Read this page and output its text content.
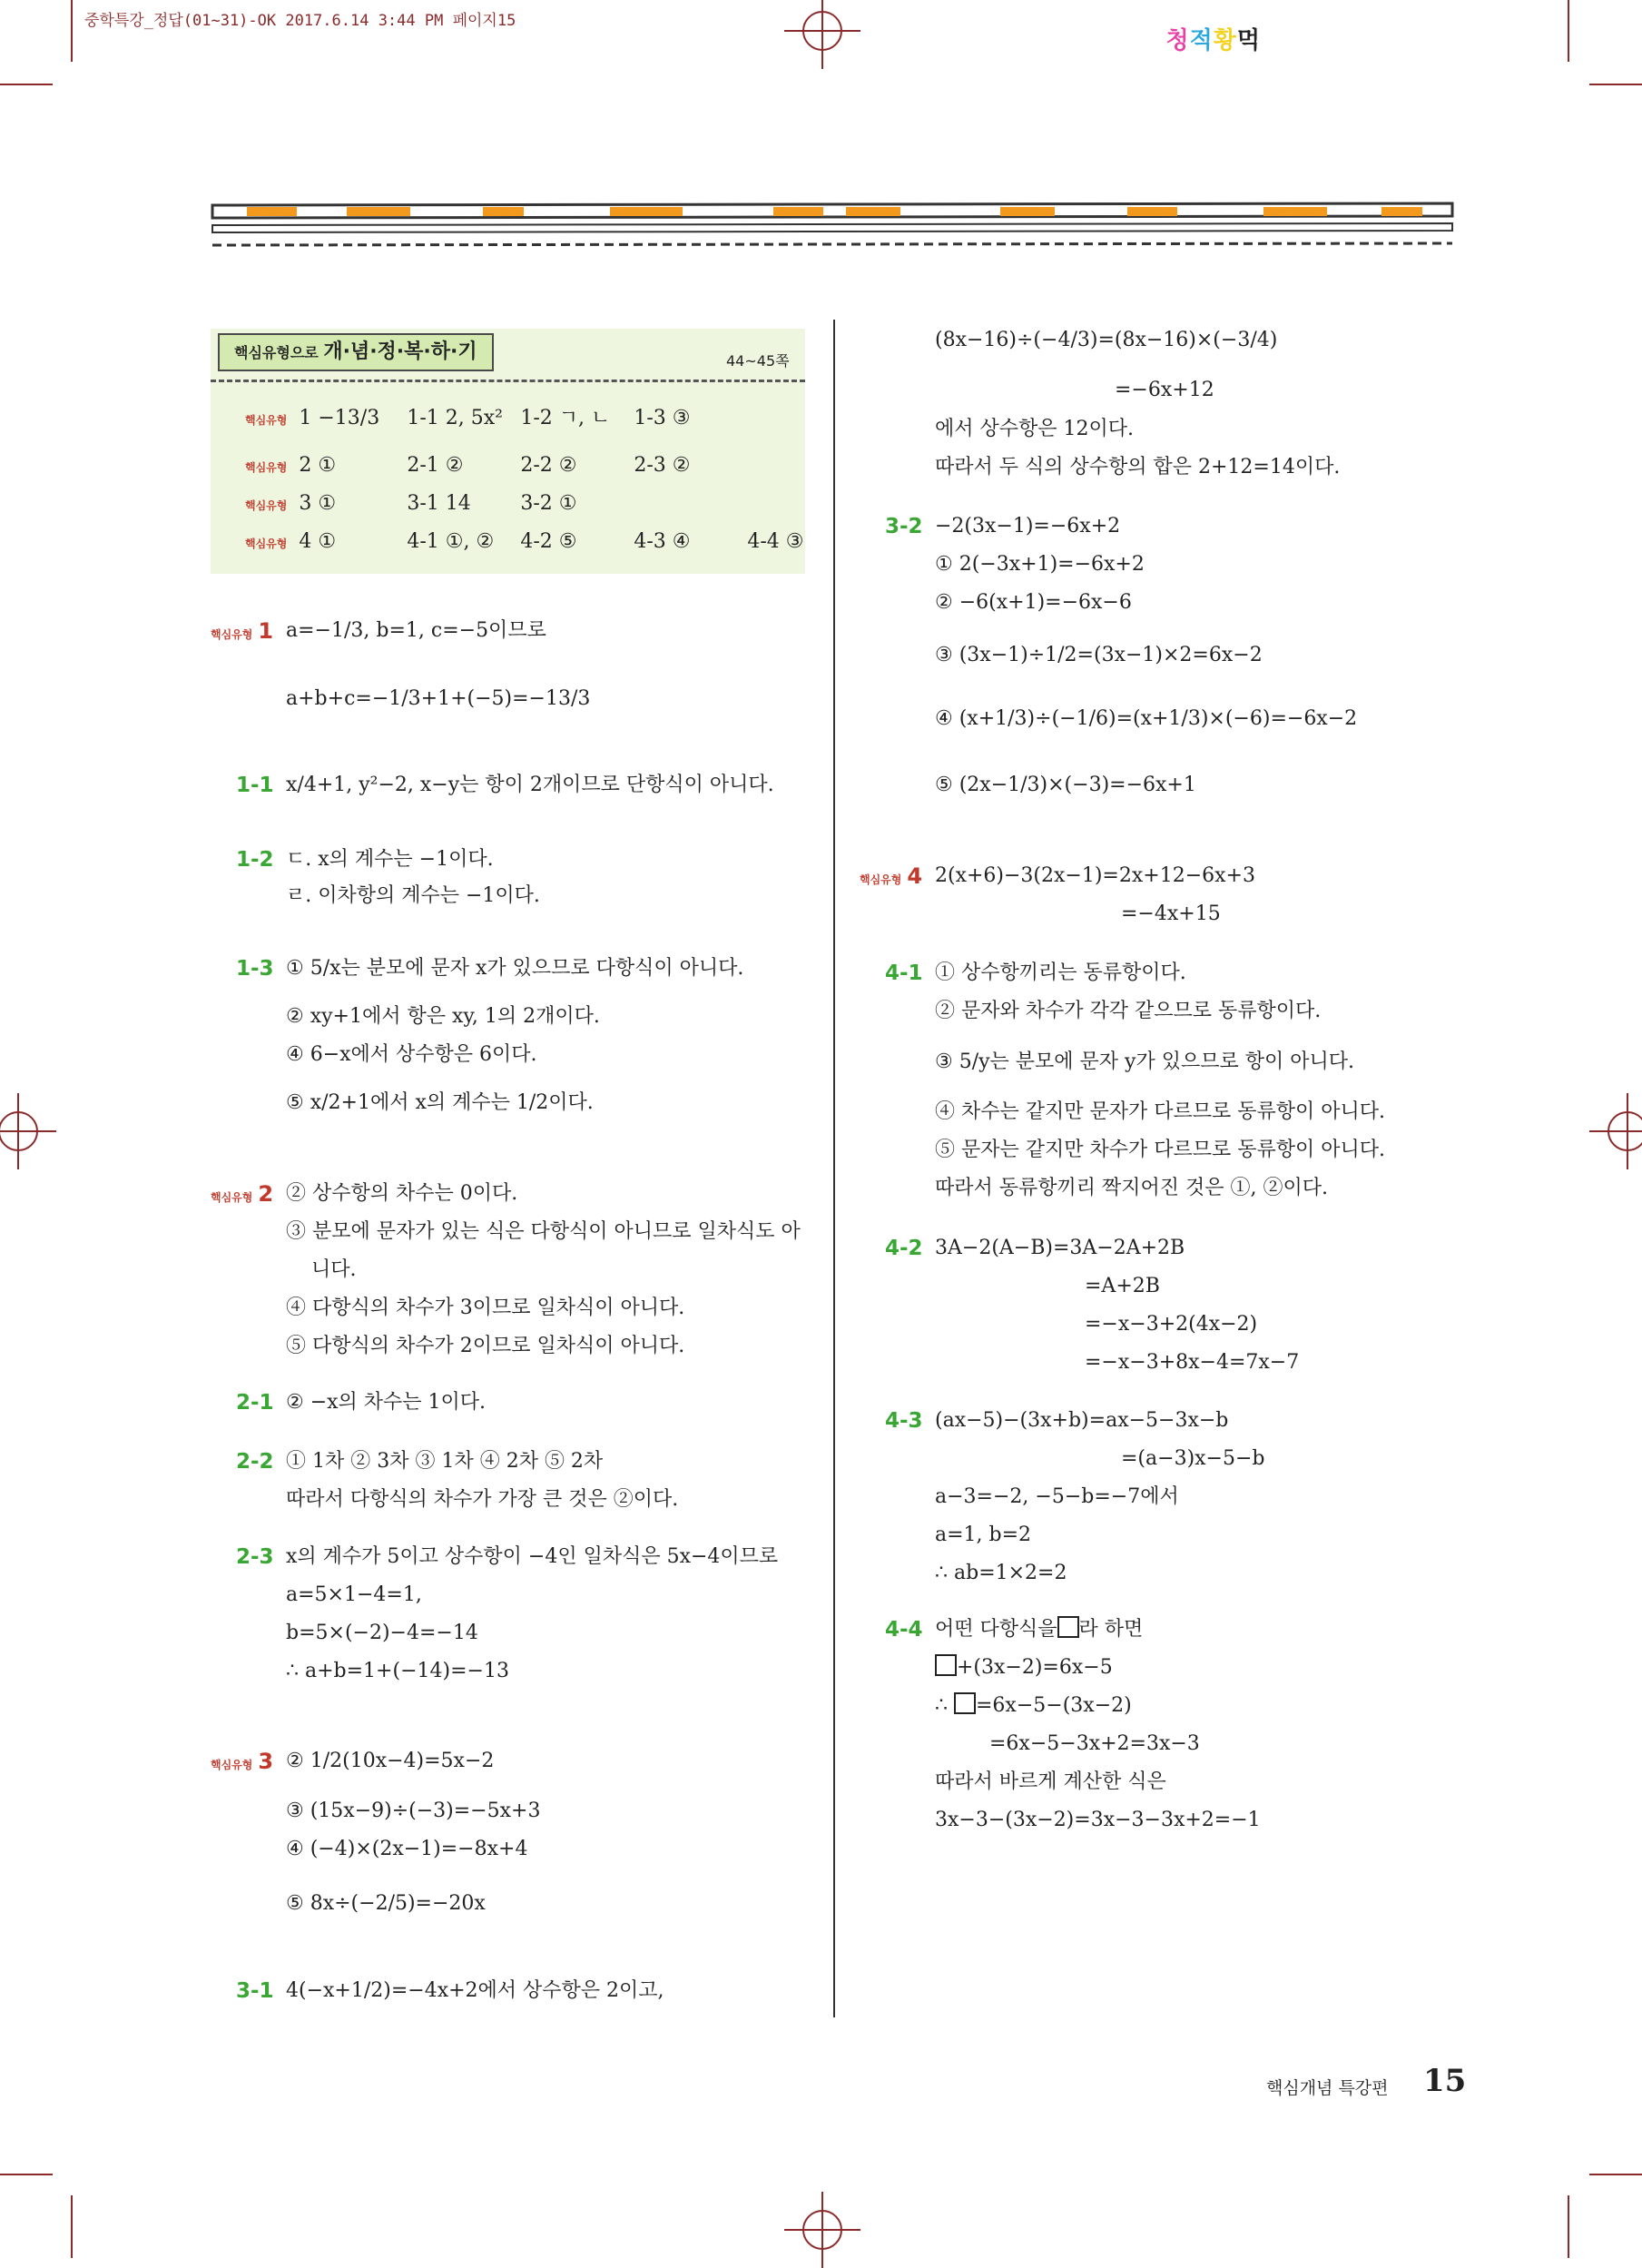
중학특강_정답(01~31)-OK 2017.6.14 3:44 PM 페이지15
청적황먹
핵심유형으로 개·념·정·복·하·기	44~45쪽
핵심유형 1 −13/3 1-1 2, 5x² 1-2 ㄱ, ㄴ 1-3 ③
핵심유형 2 ①	2-1 ②	2-2 ②	2-3 ②
핵심유형 3 ①	3-1 14 3-2 ①
핵심유형 4 ①	4-1 ①, ② 4-2 ⑤	4-3 ④	4-4 ③
핵심유형 1 a=−1/3, b=1, c=−5이므로
a+b+c=−1/3+1+(−5)=−13/3
1-1 x/4+1, y²−2, x−y는 항이 2개이므로 단항식이 아니다.
1-2 ㄷ. x의 계수는 −1이다.
ㄹ. 이차항의 계수는 −1이다.
1-3 ① 5/x는 분모에 문자 x가 있으므로 다항식이 아니다.
② xy+1에서 항은 xy, 1의 2개이다.
④ 6−x에서 상수항은 6이다.
⑤ x/2+1에서 x의 계수는 1/2이다.
핵심유형 2 ② 상수항의 차수는 0이다.
③ 분모에 문자가 있는 식은 다항식이 아니므로 일차식도 아
니다.
④ 다항식의 차수가 3이므로 일차식이 아니다.
⑤ 다항식의 차수가 2이므로 일차식이 아니다.
2-1 ② −x의 차수는 1이다.
2-2 ① 1차 ② 3차 ③ 1차 ④ 2차 ⑤ 2차
따라서 다항식의 차수가 가장 큰 것은 ②이다.
2-3 x의 계수가 5이고 상수항이 −4인 일차식은 5x−4이므로
a=5×1−4=1,
b=5×(−2)−4=−14
∴ a+b=1+(−14)=−13
핵심유형 3 ② 1/2(10x−4)=5x−2
③ (15x−9)÷(−3)=−5x+3
④ (−4)×(2x−1)=−8x+4
⑤ 8x÷(−2/5)=−20x
3-1 4(−x+1/2)=−4x+2에서 상수항은 2이고,
(8x−16)÷(−4/3)=(8x−16)×(−3/4)
=−6x+12
에서 상수항은 12이다.
따라서 두 식의 상수항의 합은 2+12=14이다.
3-2 −2(3x−1)=−6x+2
① 2(−3x+1)=−6x+2
② −6(x+1)=−6x−6
③ (3x−1)÷1/2=(3x−1)×2=6x−2
④ (x+1/3)÷(−1/6)=(x+1/3)×(−6)=−6x−2
⑤ (2x−1/3)×(−3)=−6x+1
핵심유형 4 2(x+6)−3(2x−1)=2x+12−6x+3
=−4x+15
4-1 ① 상수항끼리는 동류항이다.
② 문자와 차수가 각각 같으므로 동류항이다.
③ 5/y는 분모에 문자 y가 있으므로 항이 아니다.
④ 차수는 같지만 문자가 다르므로 동류항이 아니다.
⑤ 문자는 같지만 차수가 다르므로 동류항이 아니다.
따라서 동류항끼리 짝지어진 것은 ①, ②이다.
4-2 3A−2(A−B)=3A−2A+2B
=A+2B
=−x−3+2(4x−2)
=−x−3+8x−4=7x−7
4-3 (ax−5)−(3x+b)=ax−5−3x−b
=(a−3)x−5−b
a−3=−2, −5−b=−7에서
a=1, b=2
∴ ab=1×2=2
4-4 어떤 다항식을 라 하면
+(3x−2)=6x−5
∴ =6x−5−(3x−2)
=6x−5−3x+2=3x−3
따라서 바르게 계산한 식은
3x−3−(3x−2)=3x−3−3x+2=−1
핵심개념 특강편 15
